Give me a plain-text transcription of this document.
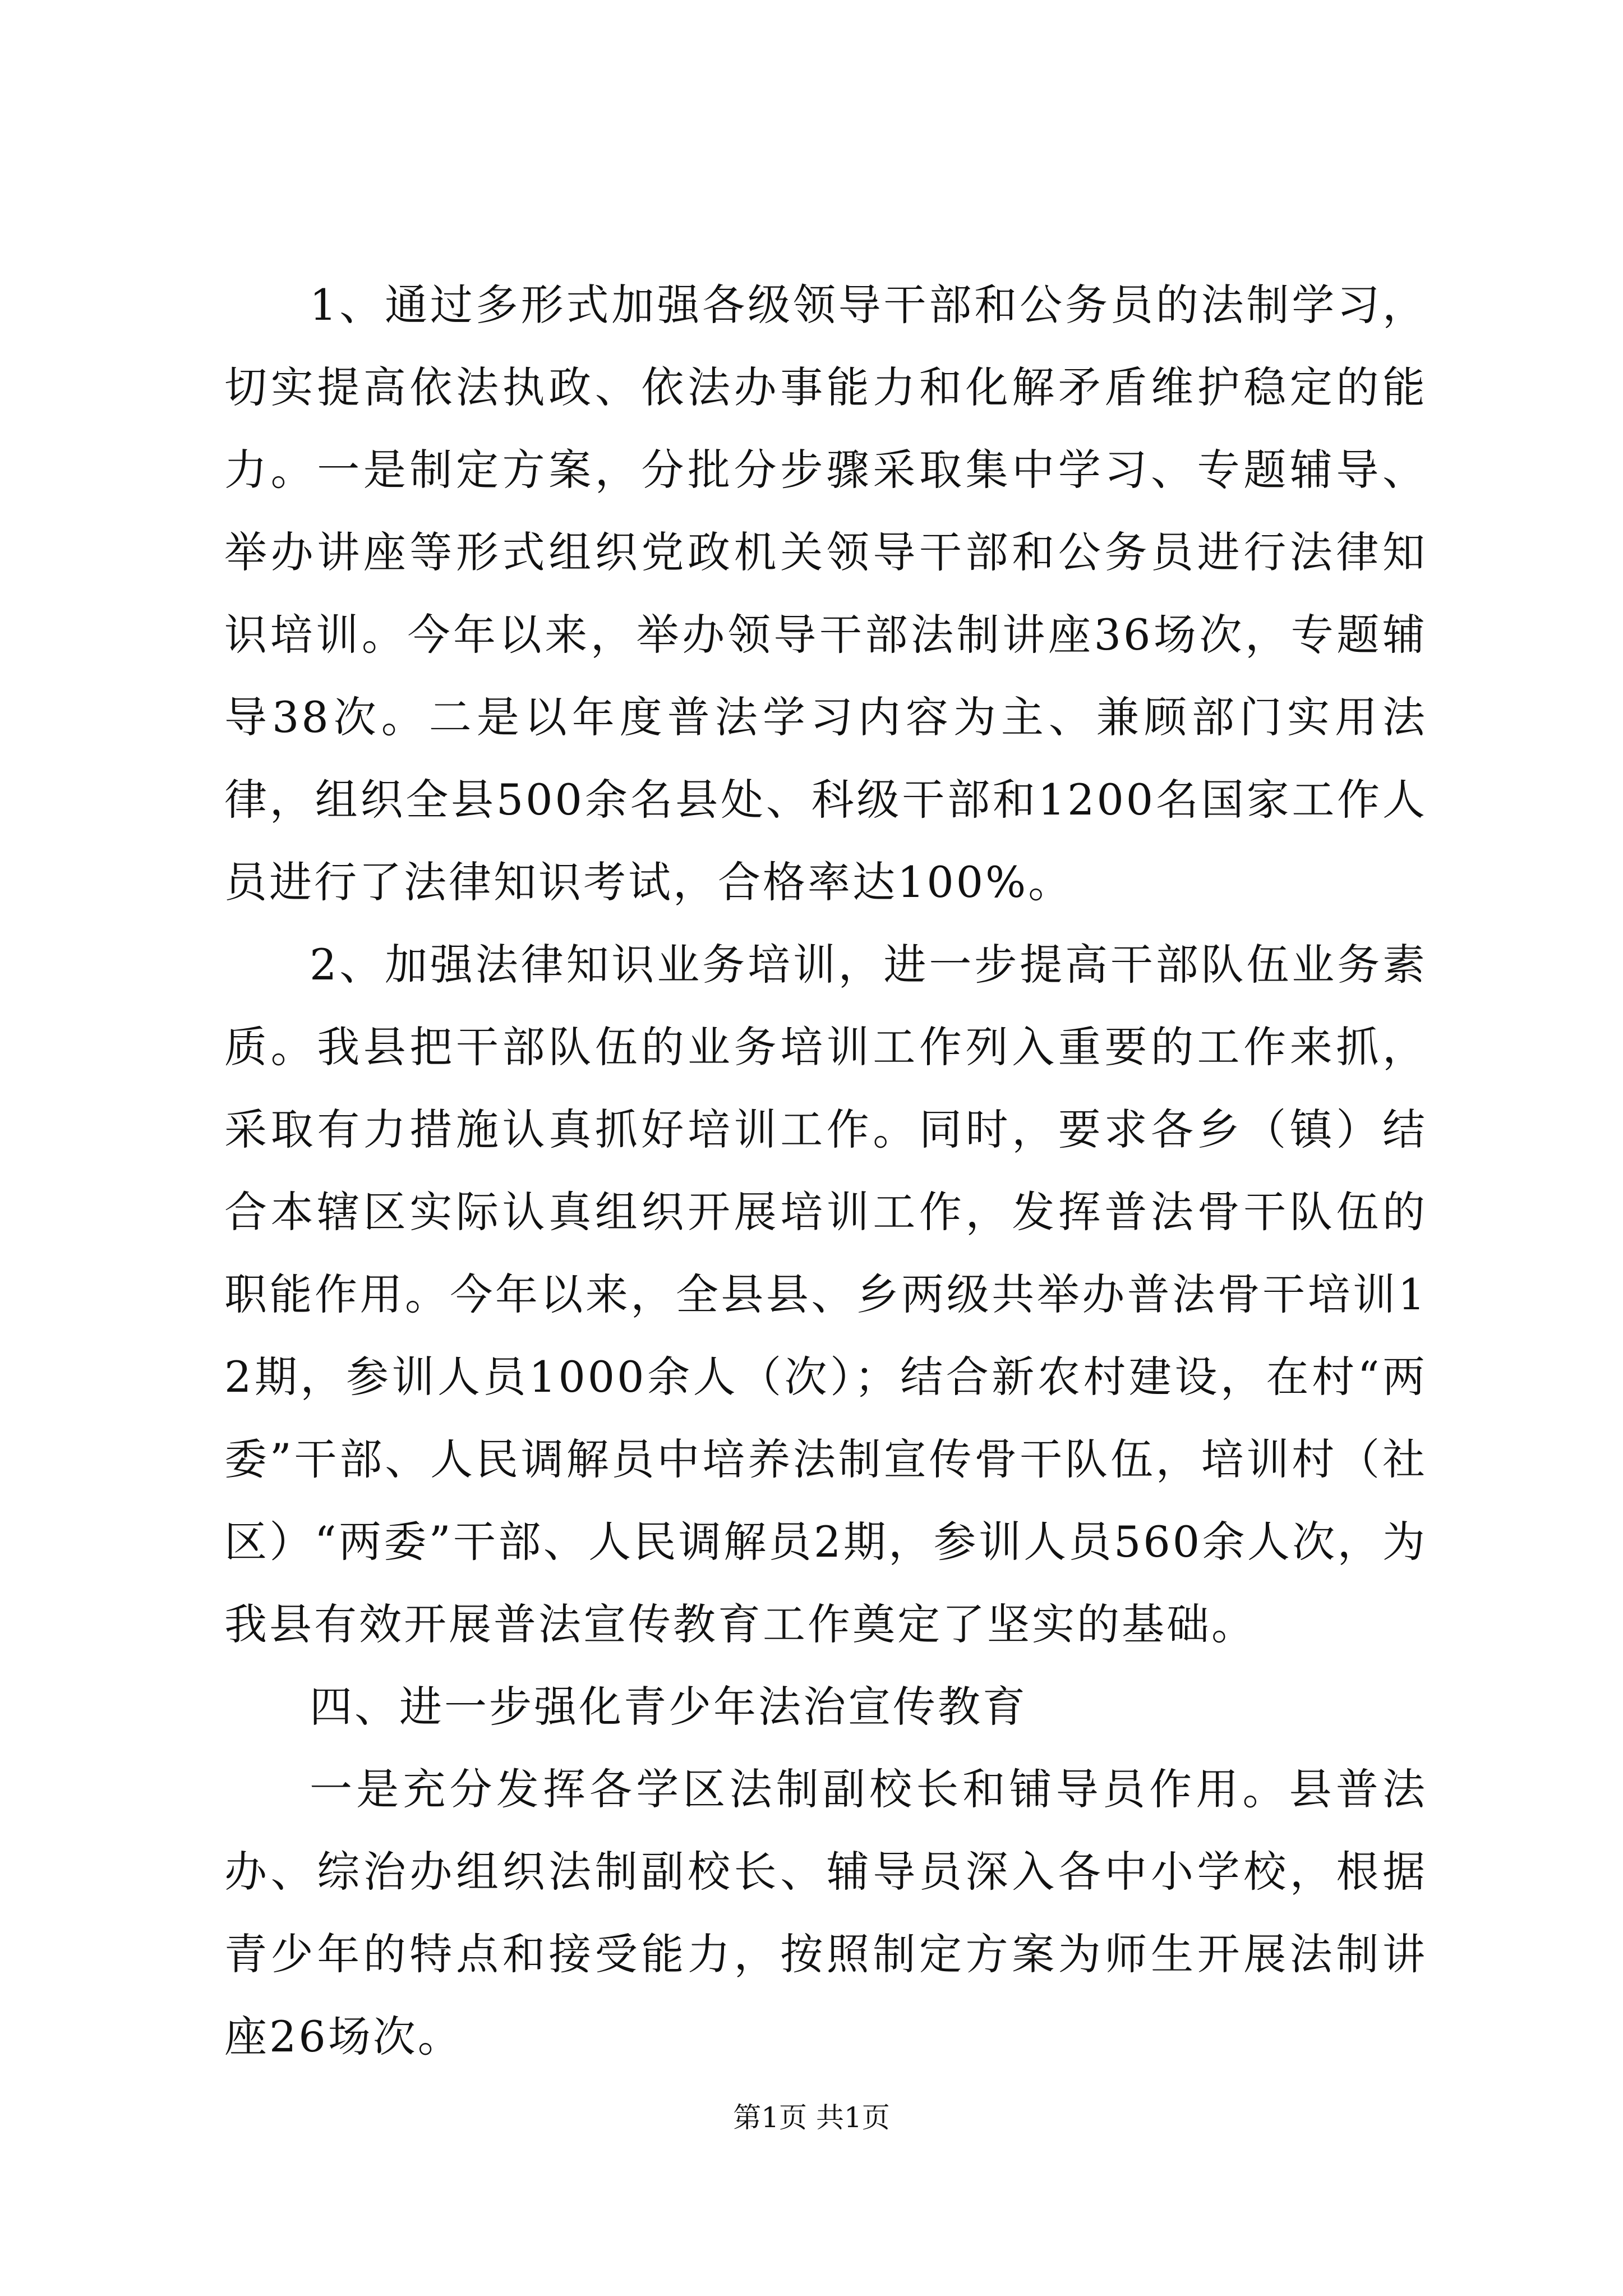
1、通过多形式加强各级领导干部和公务员的法制学习，切实提高依法执政、依法办事能力和化解矛盾维护稳定的能力。一是制定方案，分批分步骤采取集中学习、专题辅导、举办讲座等形式组织党政机关领导干部和公务员进行法律知识培训。今年以来，举办领导干部法制讲座36场次，专题辅导38次。二是以年度普法学习内容为主、兼顾部门实用法律，组织全县500余名县处、科级干部和1200名国家工作人员进行了法律知识考试，合格率达100%。

2、加强法律知识业务培训，进一步提高干部队伍业务素质。我县把干部队伍的业务培训工作列入重要的工作来抓，采取有力措施认真抓好培训工作。同时，要求各乡（镇）结合本辖区实际认真组织开展培训工作，发挥普法骨干队伍的职能作用。今年以来，全县县、乡两级共举办普法骨干培训12期，参训人员1000余人（次）；结合新农村建设，在村“两委”干部、人民调解员中培养法制宣传骨干队伍，培训村（社区）“两委”干部、人民调解员2期，参训人员560余人次，为我县有效开展普法宣传教育工作奠定了坚实的基础。

四、进一步强化青少年法治宣传教育

一是充分发挥各学区法制副校长和铺导员作用。县普法办、综治办组织法制副校长、辅导员深入各中小学校，根据青少年的特点和接受能力，按照制定方案为师生开展法制讲座26场次。

第1页 共1页
